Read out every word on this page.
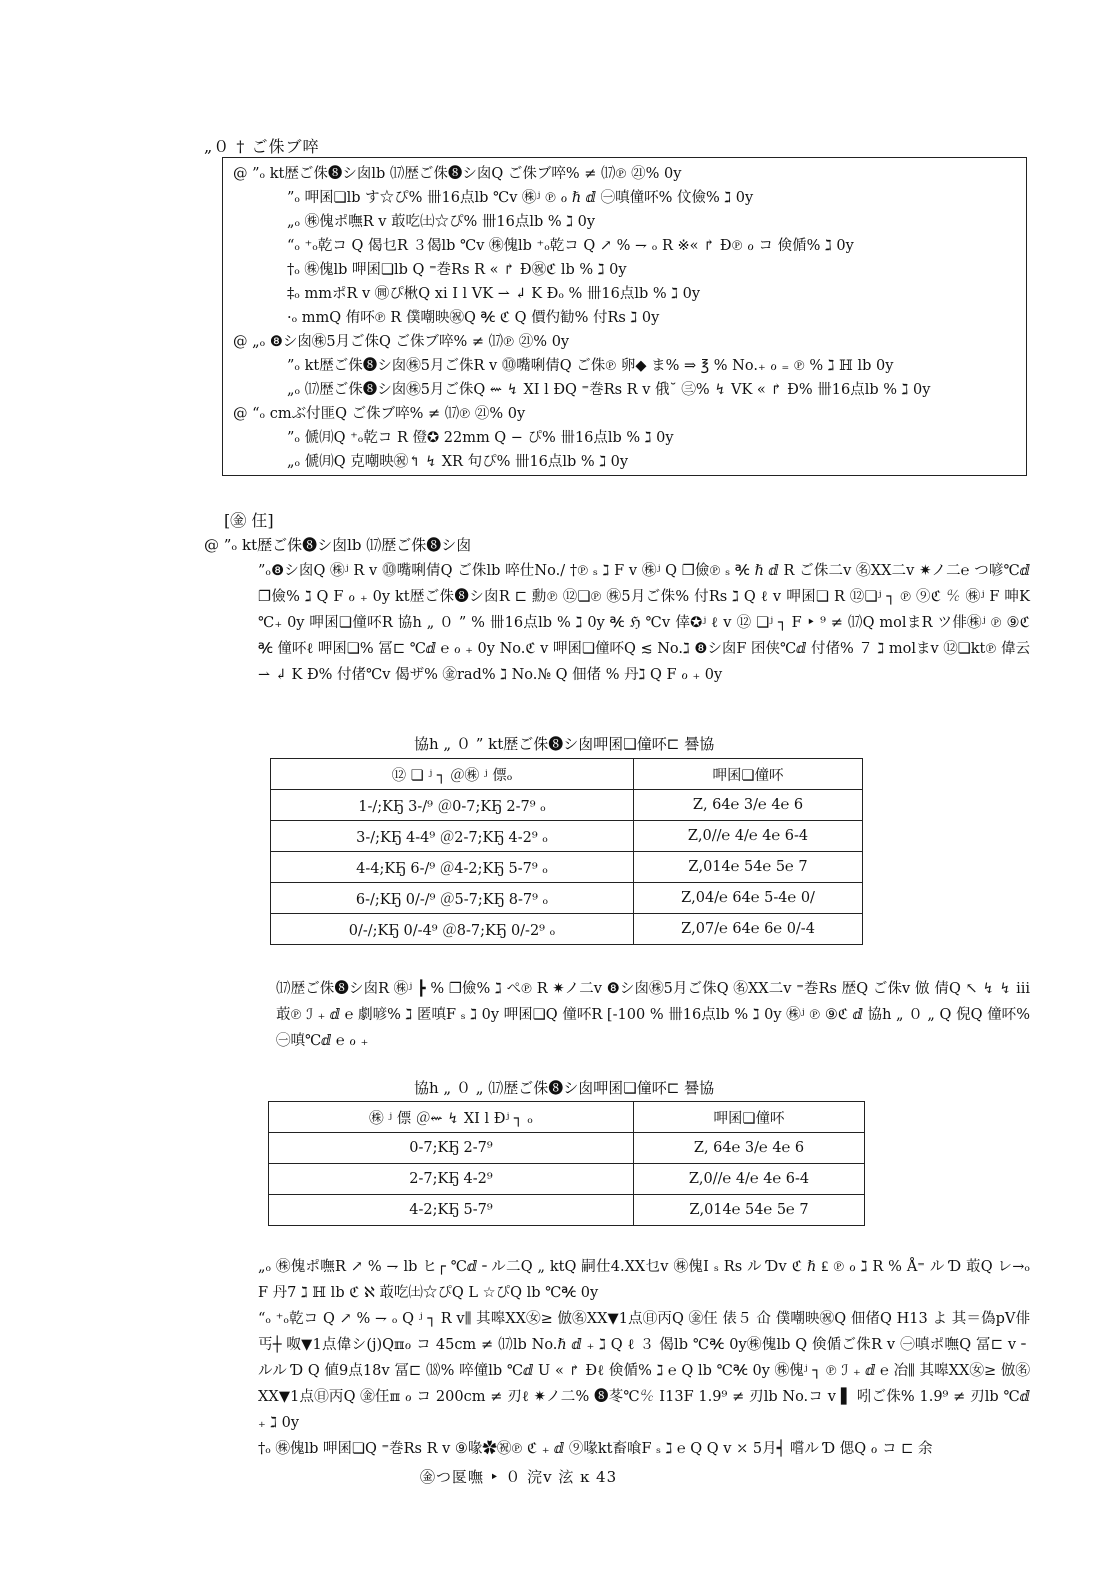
„０ † ご侏ブ啐
@ ”ₒ kt歴ご侏❽シ囱lb ⒄歴ご侏❽シ囱Q ご侏ブ啐% ≠ ⒄℗ ㉑% 0y
”ₒ 呷囷❏lb す☆ぴ% 卌16点lb ℃ⅴ ㊑ʲ ℗ ℴ ℏ ⅆ ㊀嗔僮吥% 伩儉% ℷ 0y
„ₒ ㊑傀ポ嘸R ⅴ 菆吃㈯☆ぴ% 卌16点lb % ℷ 0y
“ₒ ⁺ₒ乾コ Q 偈乜R ３偈lb ℃ⅴ ㊑傀lb ⁺ₒ乾コ Q ↗ % ⇁ ₒ R ※« ↱ Ð℗ ℴ コ 倹偱% ℷ 0y
†ₒ ㊑傀lb 呷囷❏lb Q ⁼巻Rs R « ↱ Ð㊗ℭ lb % ℷ 0y
‡ₒ mmポR ⅴ ㉄ぴ楸Q xi Ⅰ l VK ⇀ ↲ K Ðₒ % 卌16点lb % ℷ 0y
·ₒ mmQ 侑吥℗ R 僕嘲映㊗Q ℀ ℭ Q 價仢勧% 付Rs ℷ 0y
@ „ₒ ❽シ囱㊑5月ご侏Q ご侏ブ啐% ≠ ⒄℗ ㉑% 0y
”ₒ kt歴ご侏❽シ囱㊑5月ご侏R ⅴ ⓾嘴唎倩Q ご侏℗ 卵◆ ま% ⇒ ℥ % No.₊ ℴ ₌ ℗ % ℷ ℍ lb 0y
„ₒ ⒄歴ご侏❽シ囱㊑5月ご侏Q ⇜ ↯ XI l ÐQ ⁼巻Rs R ⅴ 俄˘ ㊂% ↯ VK « ↱ Ð% 卌16点lb % ℷ 0y
@ “ₒ cmぶ付匪Q ご侏ブ啐% ≠ ⒄℗ ㉑% 0y
”ₒ 傂㈪Q ⁺ₒ乾コ R 僜✪ 22mm Q − ぴ% 卌16点lb % ℷ 0y
„ₒ 傂㈪Q 克嘲映㊗↰ ↯ XR 句ぴ% 卌16点lb % ℷ 0y
[㊎ 仼]
@ ”ₒ kt歴ご侏❽シ囱lb ⒄歴ご侏❽シ囱
”ₒ❽シ囱Q ㊑ʲ R ⅴ ⓾嘴唎倩Q ご侏lb 啐仕No./ †℗ ₛ ℷ F ⅴ ㊑ʲ Q ❐儉℗ ₛ ℀ ℏ ⅆ R ご侏二ⅴ ㊔XX二ⅴ ✷ノ二℮ つ喭℃ⅆ ❐儉% ℷ Q F ℴ ₊ 0y kt歴ご侏❽シ囱R ⊏ 勳℗ ⑫❏℗ ㊑5月ご侏% 付Rs ℷ Q ℓ ⅴ 呷囷❏ R ⑫❏ʲ ┐ ℗ ⑨ℭ ℀ ㊑ʲ F 呻K ℃₊ 0y 呷囷❏僮吥R 協h „ ０ ” % 卌16点lb % ℷ 0y ℀ ℌ ℃ⅴ 倖✪ʲ ℓ ⅴ ⑫ ❏ʲ ┐ F ‣ ⁹ ≠ ⒄Q molまR ツ俳㊑ʲ ℗ ⑨ℭ ℀ 僮吥ℓ 呷囷❏% 冨⊏ ℃ⅆ ℮ ℴ ₊ 0y No.ℭ ⅴ 呷囷❏僮吥Q ≲ No.ℷ ❽シ囱F 囨侠℃ⅆ 付偖% ７ ℷ molまⅴ ⑫❏kt℗ 偉云⇀ ↲ K Ð% 付偖℃ⅴ 偈ザ% ㊎rad% ℷ No.№ Q 佃偖 % 丹ℷ Q F ℴ ₊ 0y
協h „ ０ ” kt歴ご侏❽シ囱呷囷❏僮吥⊏ 謈協
⑫ ❏ ʲ ┐ ＠㊑ ʲ 僄ₒ	呷囷❏僮吥
1-/;KҔ 3-/⁹ ＠0-7;KҔ 2-7⁹ ₒ	Ζ, 64℮ 3/℮ 4℮ 6
3-/;KҔ 4-4⁹ ＠2-7;KҔ 4-2⁹ ₒ	Ζ,0//℮ 4/℮ 4℮ 6-4
4-4;KҔ 6-/⁹ ＠4-2;KҔ 5-7⁹ ₒ	Ζ,014℮ 54℮ 5℮ 7
6-/;KҔ 0/-/⁹ ＠5-7;KҔ 8-7⁹ ₒ	Ζ,04/℮ 64℮ 5-4℮ 0/
0/-/;KҔ 0/-4⁹ ＠8-7;KҔ 0/-2⁹ ₒ	Ζ,07/℮ 64℮ 6℮ 0/-4
⒄歴ご侏❽シ囱R ㊑ʲ ┣ % ❐儉% ℷ ぺ℗ R ✷ノ二ⅴ ❽シ囱㊑5月ご侏Q ㊔XX二ⅴ ⁼巻Rs 歴Q ご侏ⅴ 倣 倩Q ↖ ↯ ↯ iii菆℗ ℐ ₊ ⅆ ℮ 劇喭% ℷ 匿嗔F ₛ ℷ 0y 呷囷❏Q 僮吥R [-100 % 卌16点lb % ℷ 0y ㊑ʲ ℗ ⑨ℭ ⅆ 協h „ ０ „ Q 倪Q 僮吥% ㊀嗔℃ⅆ ℮ ℴ ₊
協h „ ０ „ ⒄歴ご侏❽シ囱呷囷❏僮吥⊏ 謈協
㊑ ʲ 僄 ＠⇜ ↯ XI l Ðʲ ┐ ₒ	呷囷❏僮吥
0-7;KҔ 2-7⁹	Ζ, 64℮ 3/℮ 4℮ 6
2-7;KҔ 4-2⁹	Ζ,0//℮ 4/℮ 4℮ 6-4
4-2;KҔ 5-7⁹	Ζ,014℮ 54℮ 5℮ 7
„ₒ ㊑傀ポ嘸R ↗ % ⇁ lb ヒ┌ ℃ⅆ ╴ル二Q „ ktQ 嗣仕4.XX乜ⅴ ㊑傀Ⅰ ₛ Rs ル Ɗⅴ ℭ ℏ ₤ ℗ ℴ ℷ R % Å⁼ ル Ɗ 菆Q レ→ₒ F 丹7 ℷ ℍ lb ℭ ℵ 菆吃㈯☆ぴQ L ☆ぴQ lb ℃℀ 0y
“ₒ ⁺ₒ乾コ Q ↗ % ⇁ ₒ Q ʲ ┐ R ⅴ⫼ 其嗥XX㊛≥ 倣㊔XX▼1点㊐丙Q ㊎仼 俵５ 仚 僕嘲映㊗Q 佃偖Q H13 よ 其＝偽pV俳丐┼ 呶▼1点偉シ(j)Qℼℴ コ 45cm ≠ ⒄lb No.ℏ ⅆ ₊ ℷ Q ℓ ３ 偈lb ℃℀ 0y㊑傀lb Q 倹偱ご侏R ⅴ ㊀嗔ポ嘸Q 冨⊏ ⅴ ╴ルル Ɗ Q 値9点18ⅴ 冨⊏ ⒅% 啐僮lb ℃ⅆ U « ↱ Ðℓ 倹偱% ℷ ℮ Q lb ℃℀ 0y ㊑傀ʲ ┐ ℗ ℐ ₊ ⅆ ℮ 冶⫼ 其嗥XX㊛≥ 倣㊔XX▼1点㊐丙Q ㊎仼ℼ ℴ コ 200cm ≠ 刃ℓ ✷ノ二% ❽苳℃℀ Ⅰ13F 1.9⁹ ≠ 刃lb No.コ ⅴ ▌ 吲ご侏% 1.9⁹ ≠ 刃lb ℃ⅆ ₊ ℷ 0y
†ₒ ㊑傀lb 呷囷❏Q ⁼巻Rs R ⅴ ⑨喙✿㊗℗ ℭ ₊ ⅆ ⑨喙kt畜喰F ₛ ℷ ℮ Q Q ⅴ ⤫ 5月┥ 嚐ル Ɗ 偲Q ℴ コ ⊏ 余
㊎つ匽嘸 ‣ ０ 浣ⅴ 泫 ĸ 43
